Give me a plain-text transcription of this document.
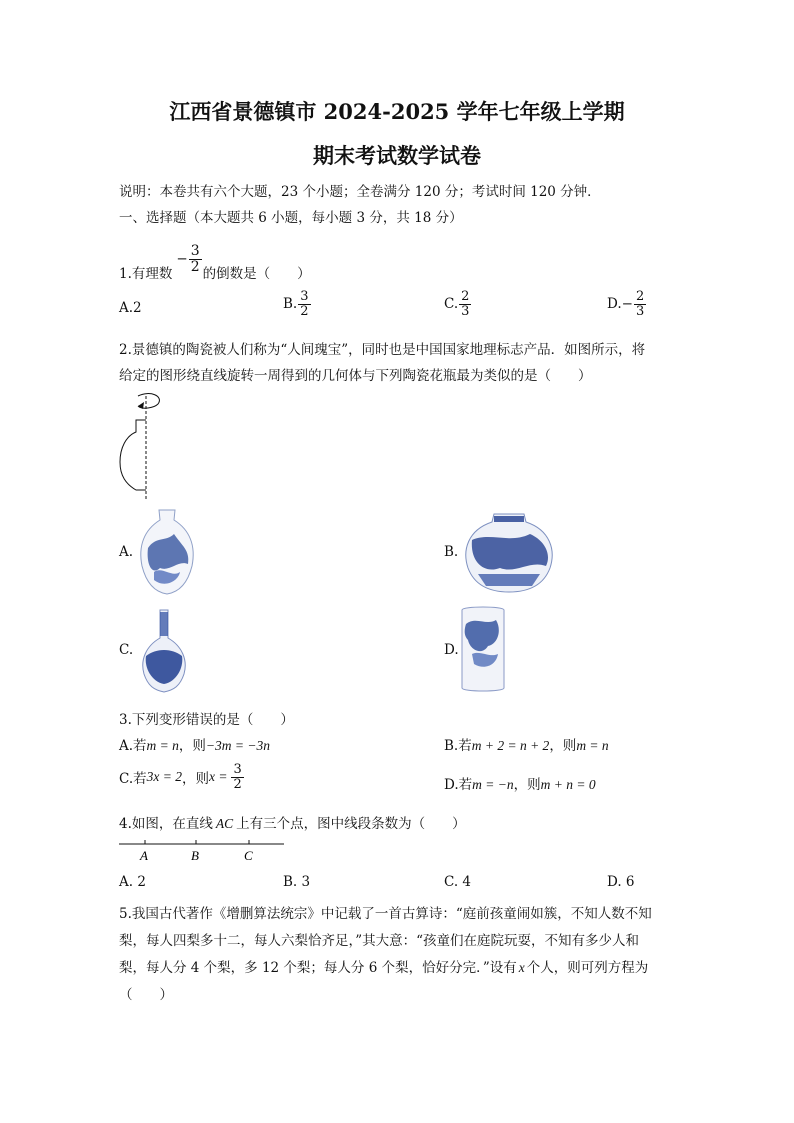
江西省景德镇市 2024-2025 学年七年级上学期
期末考试数学试卷
说明：本卷共有六个大题，23 个小题；全卷满分 120 分；考试时间 120 分钟．
一、选择题（本大题共 6 小题，每小题 3 分，共 18 分）
1.有理数
− $\frac{3}{2}$ 的倒数是（　　）
A.2	B. $\frac{3}{2}$	C. $\frac{2}{3}$	$D.- \frac{2}{3}$
2.景德镇的陶瓷被人们称为“人间瑰宝”，同时也是中国国家地理标志产品．如图所示，将
给定的图形绕直线旋转一周得到的几何体与下列陶瓷花瓶最为类似的是（　　）
A.	B.
C.	D.
3.下列变形错误的是（　　）
A.若m = n，则−3m = −3n	B.若m + 2 = n + 2，则m = n
C.若 3x = 2 ，则 $x = \frac{3}{2}$	D.若m = −n，则m + n = 0
4.如图，在直线 AC 上有三个点，图中线段条数为（　　）
A	B	C
A. 2	B. 3	C. 4	D. 6
5.我国古代著作《增删算法统宗》中记载了一首古算诗：“庭前孩童闹如簇，不知人数不知
梨，每人四梨多十二，每人六梨恰齐足，”其大意：“孩童们在庭院玩耍，不知有多少人和
梨，每人分 4 个梨，多 12 个梨；每人分 6 个梨，恰好分完．”设有 x 个人，则可列方程为
（　　）
